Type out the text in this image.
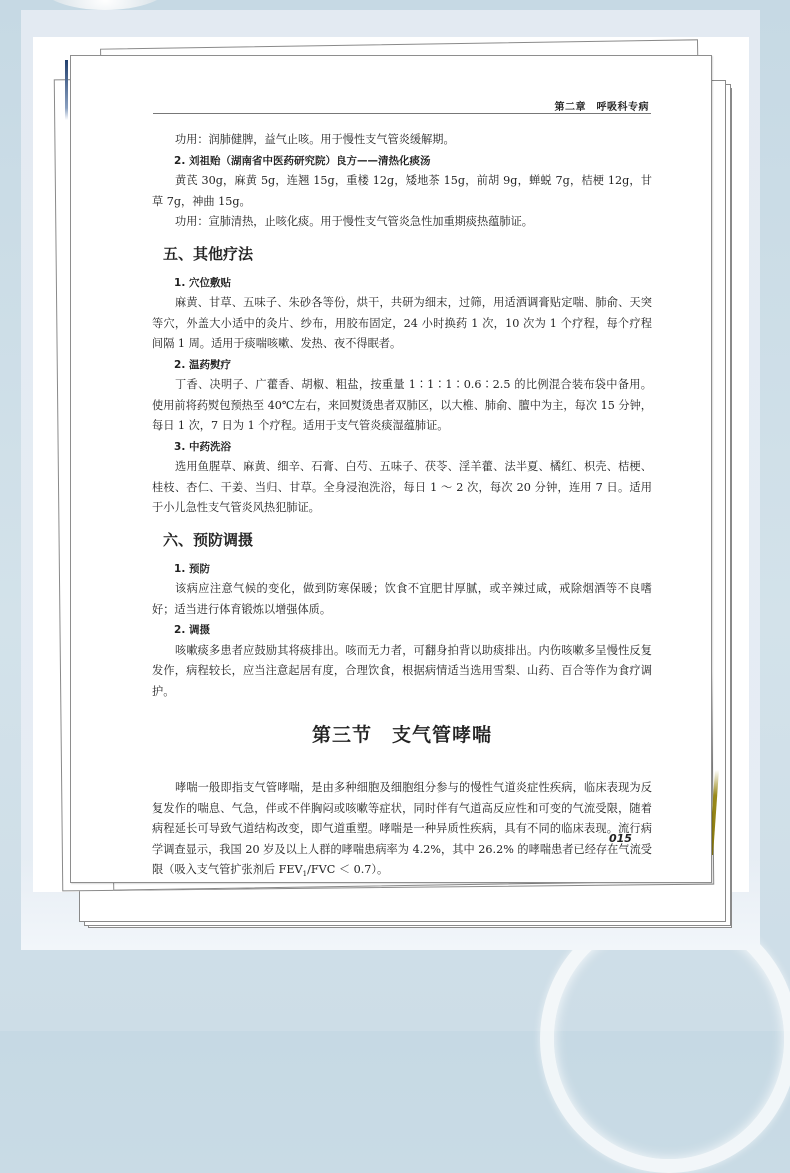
第二章　呼吸科专病

功用：润肺健脾，益气止咳。用于慢性支气管炎缓解期。

2. 刘祖贻（湖南省中医药研究院）良方——清热化痰汤

黄芪 30g，麻黄 5g，连翘 15g，重楼 12g，矮地茶 15g，前胡 9g，蝉蜕 7g，桔梗 12g，甘草 7g，神曲 15g。

功用：宣肺清热，止咳化痰。用于慢性支气管炎急性加重期痰热蕴肺证。

五、其他疗法
1. 穴位敷贴

麻黄、甘草、五味子、朱砂各等份，烘干，共研为细末，过筛，用适酒调膏贴定喘、肺俞、天突等穴，外盖大小适中的灸片、纱布，用胶布固定，24 小时换药 1 次，10 次为 1 个疗程，每个疗程间隔 1 周。适用于痰喘咳嗽、发热、夜不得眠者。

2. 温药熨疗

丁香、决明子、广藿香、胡椒、粗盐，按重量 1∶1∶1∶0.6∶2.5 的比例混合装布袋中备用。使用前将药熨包预热至 40℃左右，来回熨烫患者双肺区，以大椎、肺俞、膻中为主，每次 15 分钟，每日 1 次，7 日为 1 个疗程。适用于支气管炎痰湿蕴肺证。

3. 中药洗浴

选用鱼腥草、麻黄、细辛、石膏、白芍、五味子、茯苓、淫羊藿、法半夏、橘红、枳壳、桔梗、桂枝、杏仁、干姜、当归、甘草。全身浸泡洗浴，每日 1 ～ 2 次，每次 20 分钟，连用 7 日。适用于小儿急性支气管炎风热犯肺证。

六、预防调摄
1. 预防

该病应注意气候的变化，做到防寒保暖；饮食不宜肥甘厚腻，或辛辣过咸，戒除烟酒等不良嗜好；适当进行体育锻炼以增强体质。

2. 调摄

咳嗽痰多患者应鼓励其将痰排出。咳而无力者，可翻身拍背以助痰排出。内伤咳嗽多呈慢性反复发作，病程较长，应当注意起居有度，合理饮食，根据病情适当选用雪梨、山药、百合等作为食疗调护。

第三节　支气管哮喘

哮喘一般即指支气管哮喘，是由多种细胞及细胞组分参与的慢性气道炎症性疾病，临床表现为反复发作的喘息、气急，伴或不伴胸闷或咳嗽等症状，同时伴有气道高反应性和可变的气流受限，随着病程延长可导致气道结构改变，即气道重塑。哮喘是一种异质性疾病，具有不同的临床表现。流行病学调查显示，我国 20 岁及以上人群的哮喘患病率为 4.2%，其中 26.2% 的哮喘患者已经存在气流受限（吸入支气管扩张剂后 $FEV_1$/FVC ＜ 0.7）。

015
